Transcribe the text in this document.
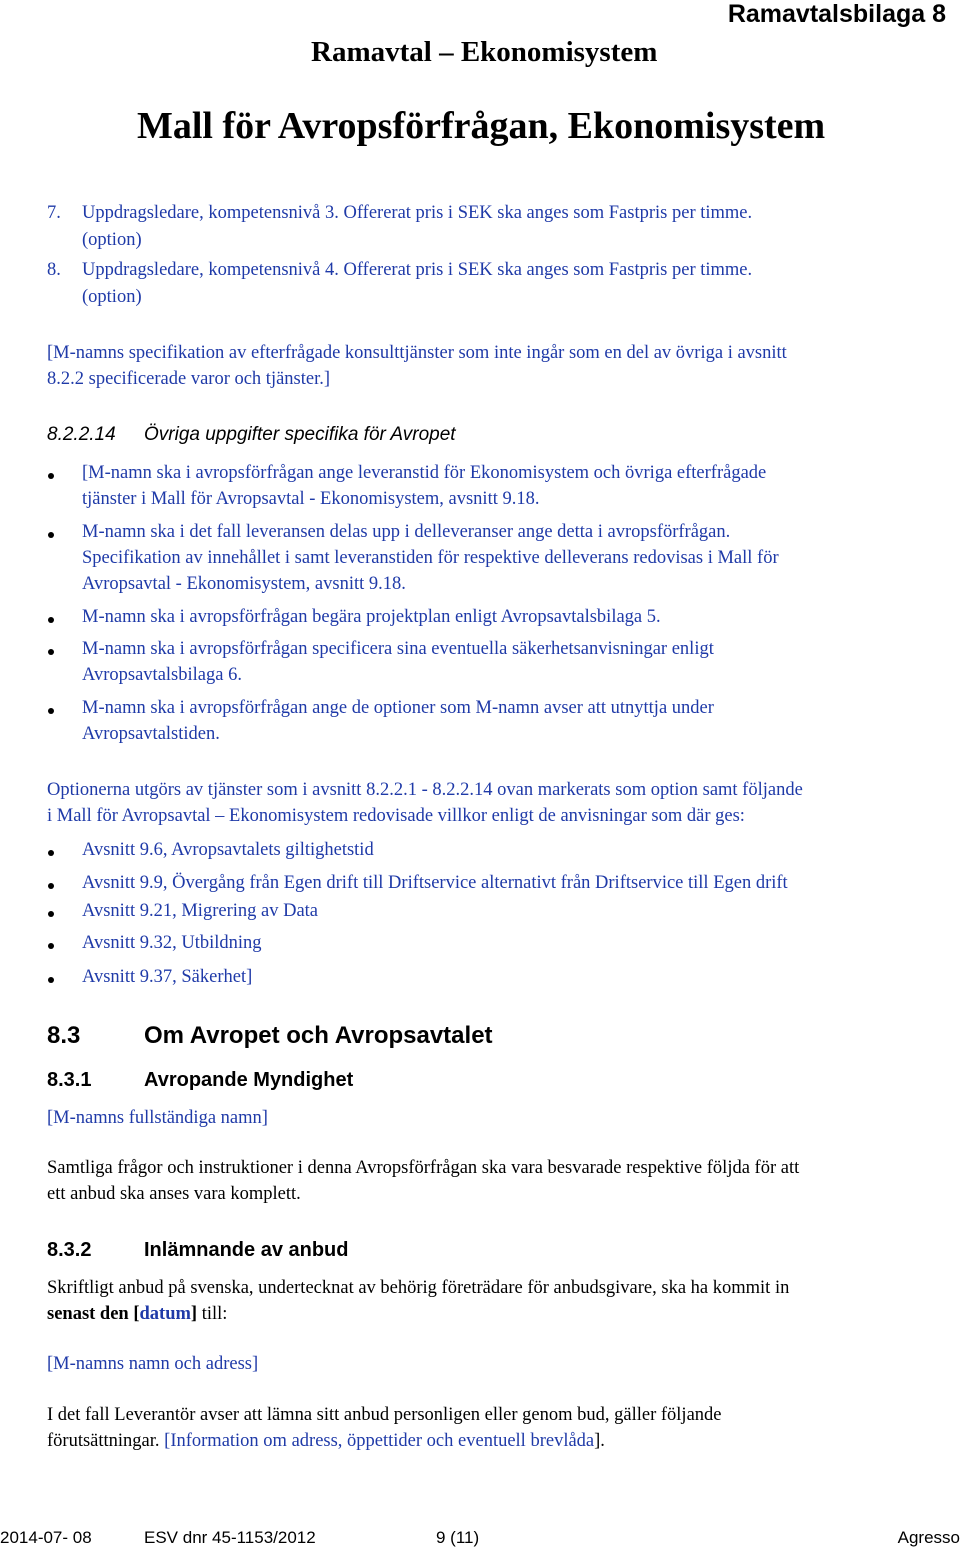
Ramavtalsbilaga 8
Ramavtal – Ekonomisystem
Mall för Avropsförfrågan, Ekonomisystem
7. Uppdragsledare, kompetensnivå 3. Offererat pris i SEK ska anges som Fastpris per timme.
(option)
8. Uppdragsledare, kompetensnivå 4. Offererat pris i SEK ska anges som Fastpris per timme.
(option)
[M-namns specifikation av efterfrågade konsulttjänster som inte ingår som en del av övriga i avsnitt
8.2.2 specificerade varor och tjänster.]
8.2.2.14 Övriga uppgifter specifika för Avropet
[M-namn ska i avropsförfrågan ange leveranstid för Ekonomisystem och övriga efterfrågade
tjänster i Mall för Avropsavtal - Ekonomisystem, avsnitt 9.18.
M-namn ska i det fall leveransen delas upp i delleveranser ange detta i avropsförfrågan.
Specifikation av innehållet i samt leveranstiden för respektive delleverans redovisas i Mall för
Avropsavtal - Ekonomisystem, avsnitt 9.18.
M-namn ska i avropsförfrågan begära projektplan enligt Avropsavtalsbilaga 5.
M-namn ska i avropsförfrågan specificera sina eventuella säkerhetsanvisningar enligt
Avropsavtalsbilaga 6.
M-namn ska i avropsförfrågan ange de optioner som M-namn avser att utnyttja under
Avropsavtalstiden.
Optionerna utgörs av tjänster som i avsnitt 8.2.2.1 - 8.2.2.14 ovan markerats som option samt följande
i Mall för Avropsavtal – Ekonomisystem redovisade villkor enligt de anvisningar som där ges:
Avsnitt 9.6, Avropsavtalets giltighetstid
Avsnitt 9.9, Övergång från Egen drift till Driftservice alternativt från Driftservice till Egen drift
Avsnitt 9.21, Migrering av Data
Avsnitt 9.32, Utbildning
Avsnitt 9.37, Säkerhet]
8.3	Om Avropet och Avropsavtalet
8.3.1	Avropande Myndighet
[M-namns fullständiga namn]
Samtliga frågor och instruktioner i denna Avropsförfrågan ska vara besvarade respektive följda för att
ett anbud ska anses vara komplett.
8.3.2	Inlämnande av anbud
Skriftligt anbud på svenska, undertecknat av behörig företrädare för anbudsgivare, ska ha kommit in
senast den [datum] till:
[M-namns namn och adress]
I det fall Leverantör avser att lämna sitt anbud personligen eller genom bud, gäller följande
förutsättningar. [Information om adress, öppettider och eventuell brevlåda].
2014-07- 08	ESV dnr 45-1153/2012	9 (11)	Agresso
